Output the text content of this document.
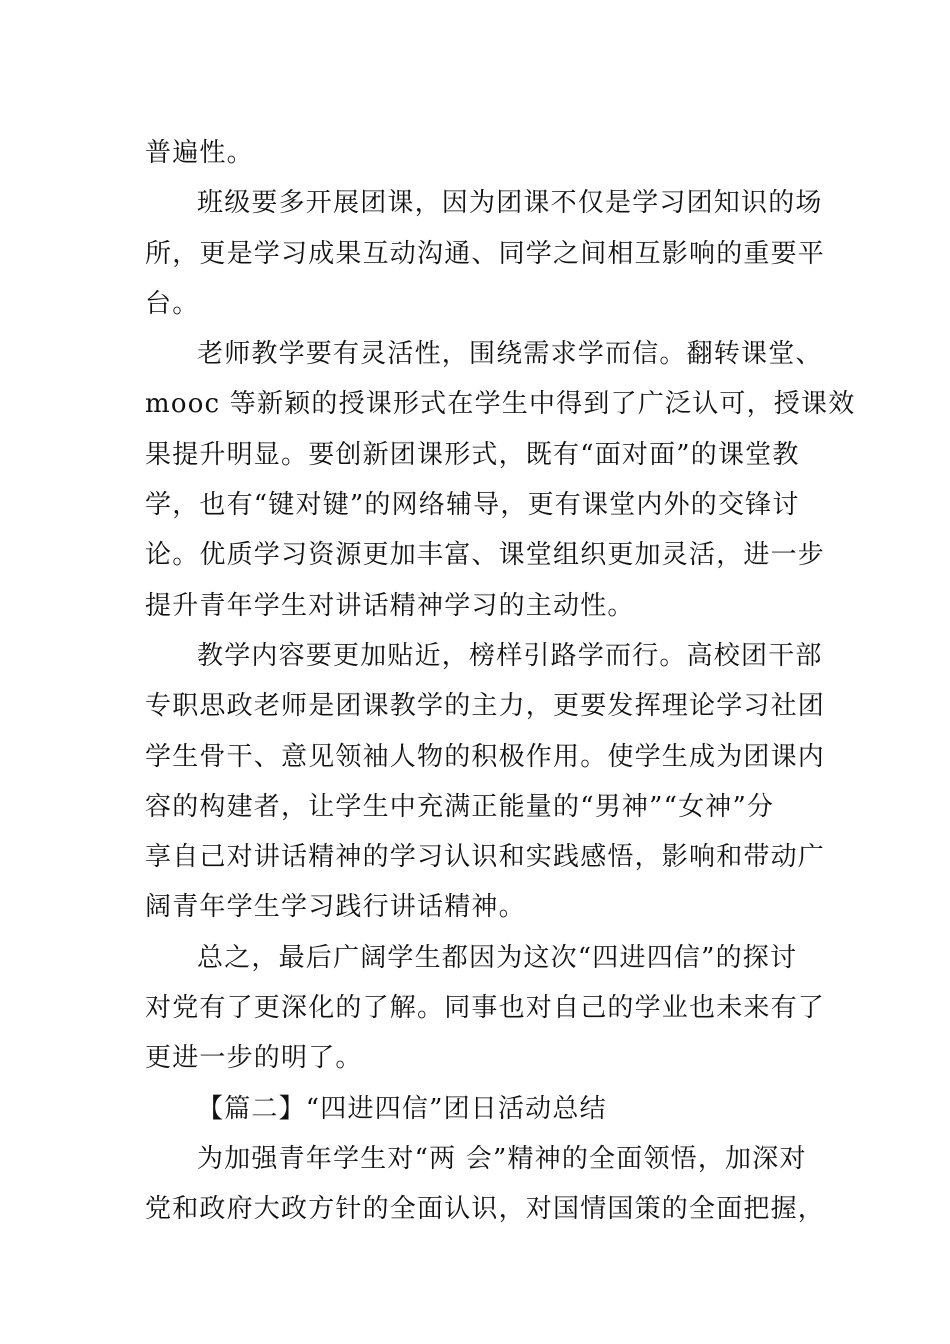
普遍性。
班级要多开展团课，因为团课不仅是学习团知识的场
所，更是学习成果互动沟通、同学之间相互影响的重要平
台。
老师教学要有灵活性，围绕需求学而信。翻转课堂、
mooc 等新颖的授课形式在学生中得到了广泛认可，授课效
果提升明显。要创新团课形式，既有“面对面”的课堂教
学，也有“键对键”的网络辅导，更有课堂内外的交锋讨
论。优质学习资源更加丰富、课堂组织更加灵活，进一步
提升青年学生对讲话精神学习的主动性。
教学内容要更加贴近，榜样引路学而行。高校团干部
专职思政老师是团课教学的主力，更要发挥理论学习社团
学生骨干、意见领袖人物的积极作用。使学生成为团课内
容的构建者，让学生中充满正能量的“男神”“女神”分
享自己对讲话精神的学习认识和实践感悟，影响和带动广
阔青年学生学习践行讲话精神。
总之，最后广阔学生都因为这次“四进四信”的探讨
对党有了更深化的了解。同事也对自己的学业也未来有了
更进一步的明了。
【篇二】“四进四信”团日活动总结
为加强青年学生对“两 会”精神的全面领悟，加深对
党和政府大政方针的全面认识，对国情国策的全面把握，
